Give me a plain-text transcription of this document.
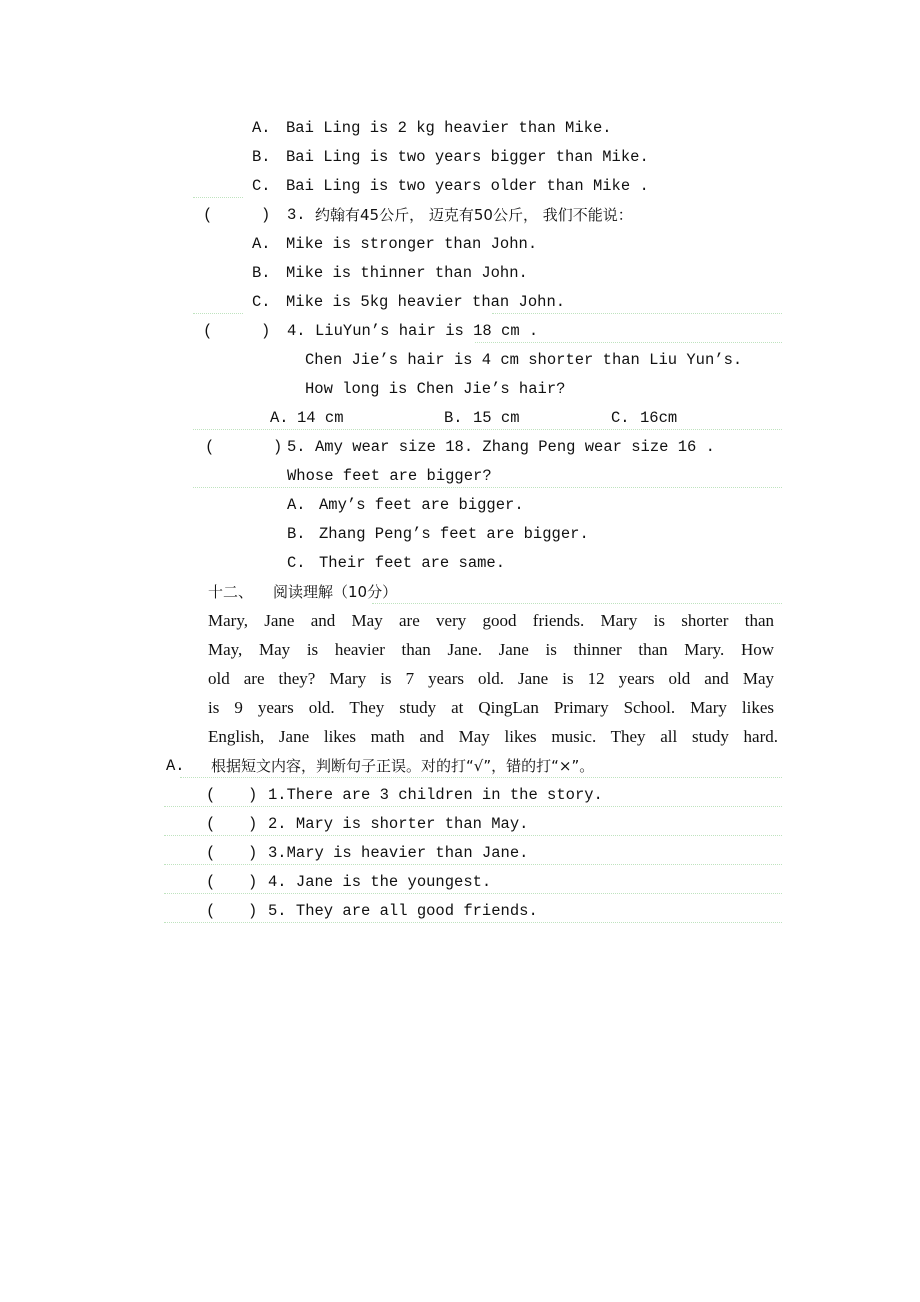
A. Bai Ling is 2 kg heavier than Mike.
B. Bai Ling is two years bigger than Mike.
C. Bai Ling is two years older than Mike .
(	) 3. 约翰有45公斤， 迈克有50公斤， 我们不能说：
A. Mike is stronger than John.
B. Mike is thinner than John.
C. Mike is 5kg heavier than John.
(	) 4. LiuYun’s hair is 18 cm .
Chen Jie’s hair is 4 cm shorter than Liu Yun’s.
How long is Chen Jie’s hair?
A. 14 cm	B. 15 cm	C. 16cm
(	) 5. Amy wear size 18. Zhang Peng wear size 16 .
Whose feet are bigger?
A. Amy’s feet are bigger.
B. Zhang Peng’s feet are bigger.
C. Their feet are same.
十二、 阅读理解（10分）
Mary, Jane and May are very good friends. Mary is shorter than
May, May is heavier than Jane. Jane is thinner than Mary. How
old are they? Mary is 7 years old. Jane is 12 years old and May
is 9 years old. They study at QingLan Primary School. Mary likes
English, Jane likes math and May likes music. They all study hard.
A. 根据短文内容，判断句子正误。对的打“√”，错的打“×”。
( ) 1.There are 3 children in the story.
( ) 2. Mary is shorter than May.
( ) 3.Mary is heavier than Jane.
( ) 4. Jane is the youngest.
( ) 5. They are all good friends.
